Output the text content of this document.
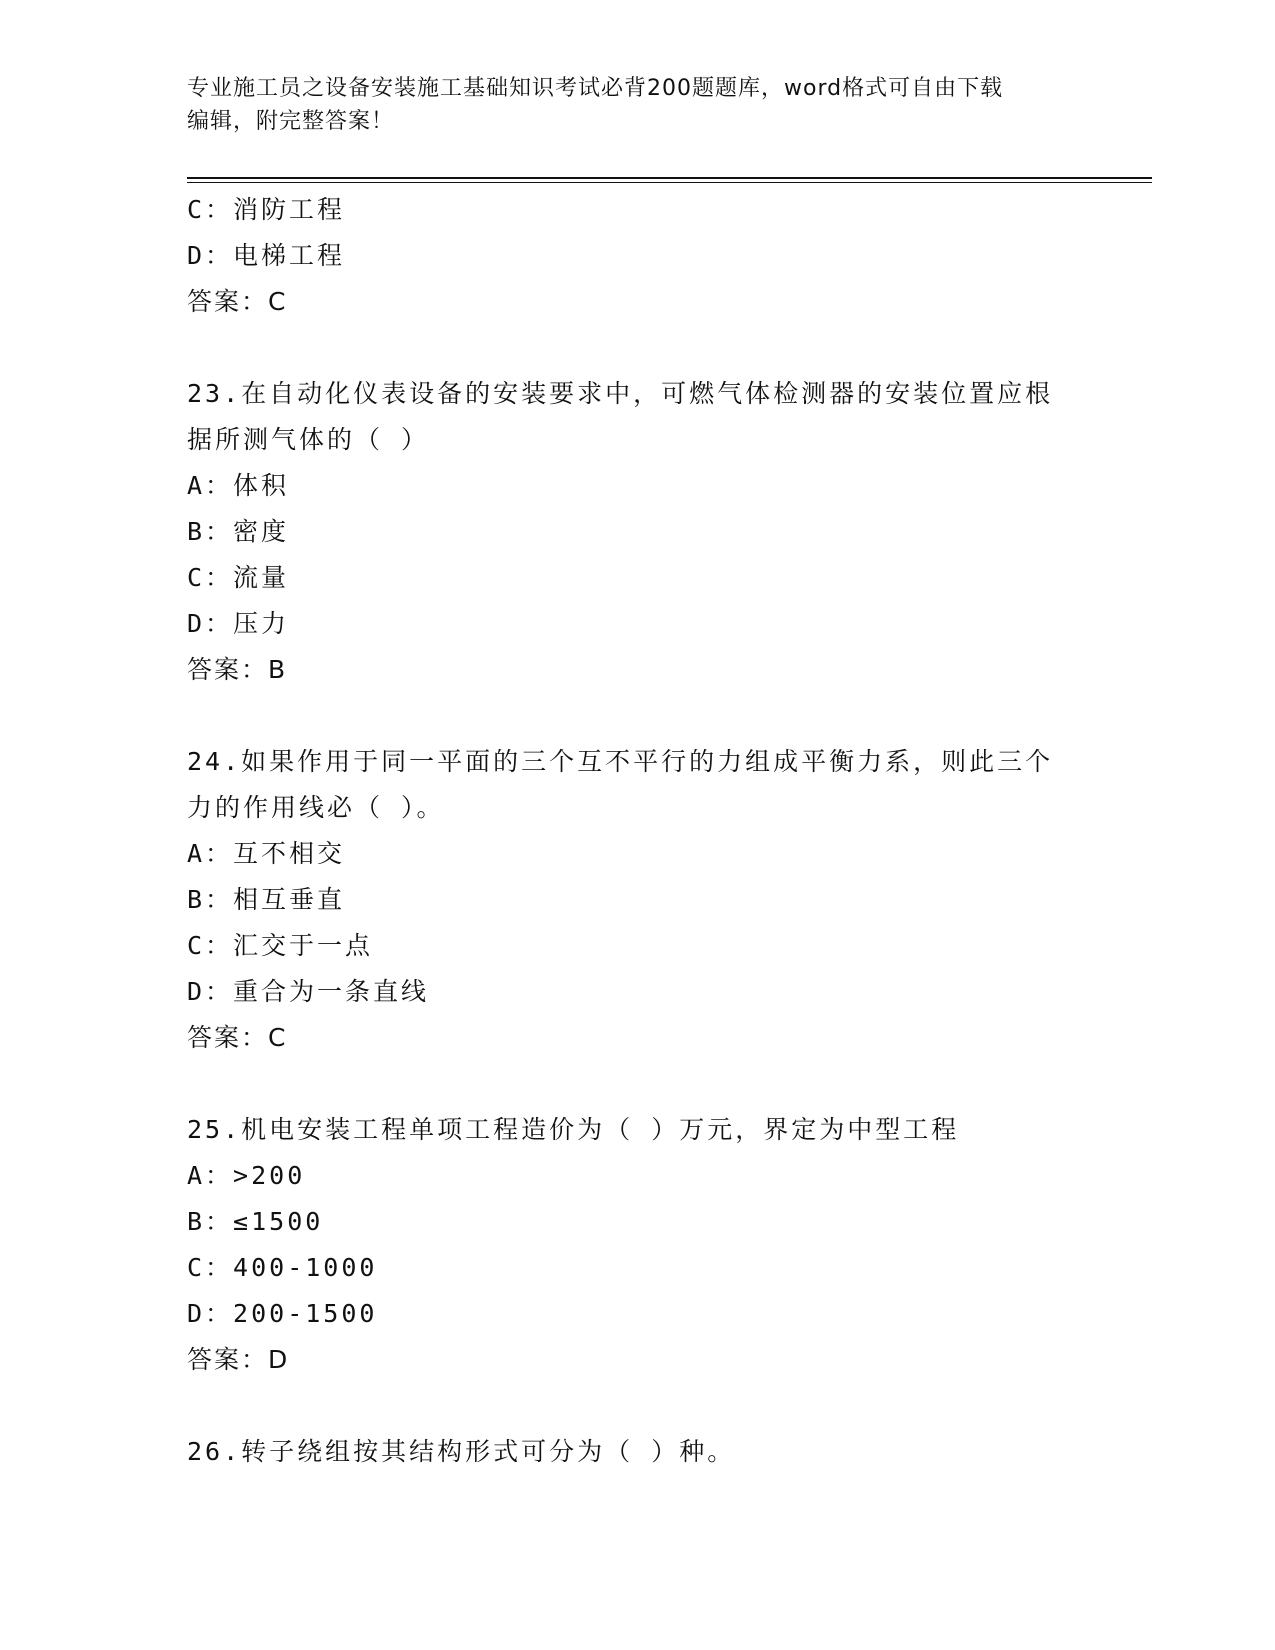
专业施工员之设备安装施工基础知识考试必背200题题库，word格式可自由下载
编辑，附完整答案！
C：消防工程
D：电梯工程
答案：C
23.在自动化仪表设备的安装要求中，可燃气体检测器的安装位置应根
据所测气体的（ ）
A：体积
B：密度
C：流量
D：压力
答案：B
24.如果作用于同一平面的三个互不平行的力组成平衡力系，则此三个
力的作用线必（ ）。
A：互不相交
B：相互垂直
C：汇交于一点
D：重合为一条直线
答案：C
25.机电安装工程单项工程造价为（ ）万元，界定为中型工程
A：>200
B：≤1500
C：400-1000
D：200-1500
答案：D
26.转子绕组按其结构形式可分为（ ）种。
